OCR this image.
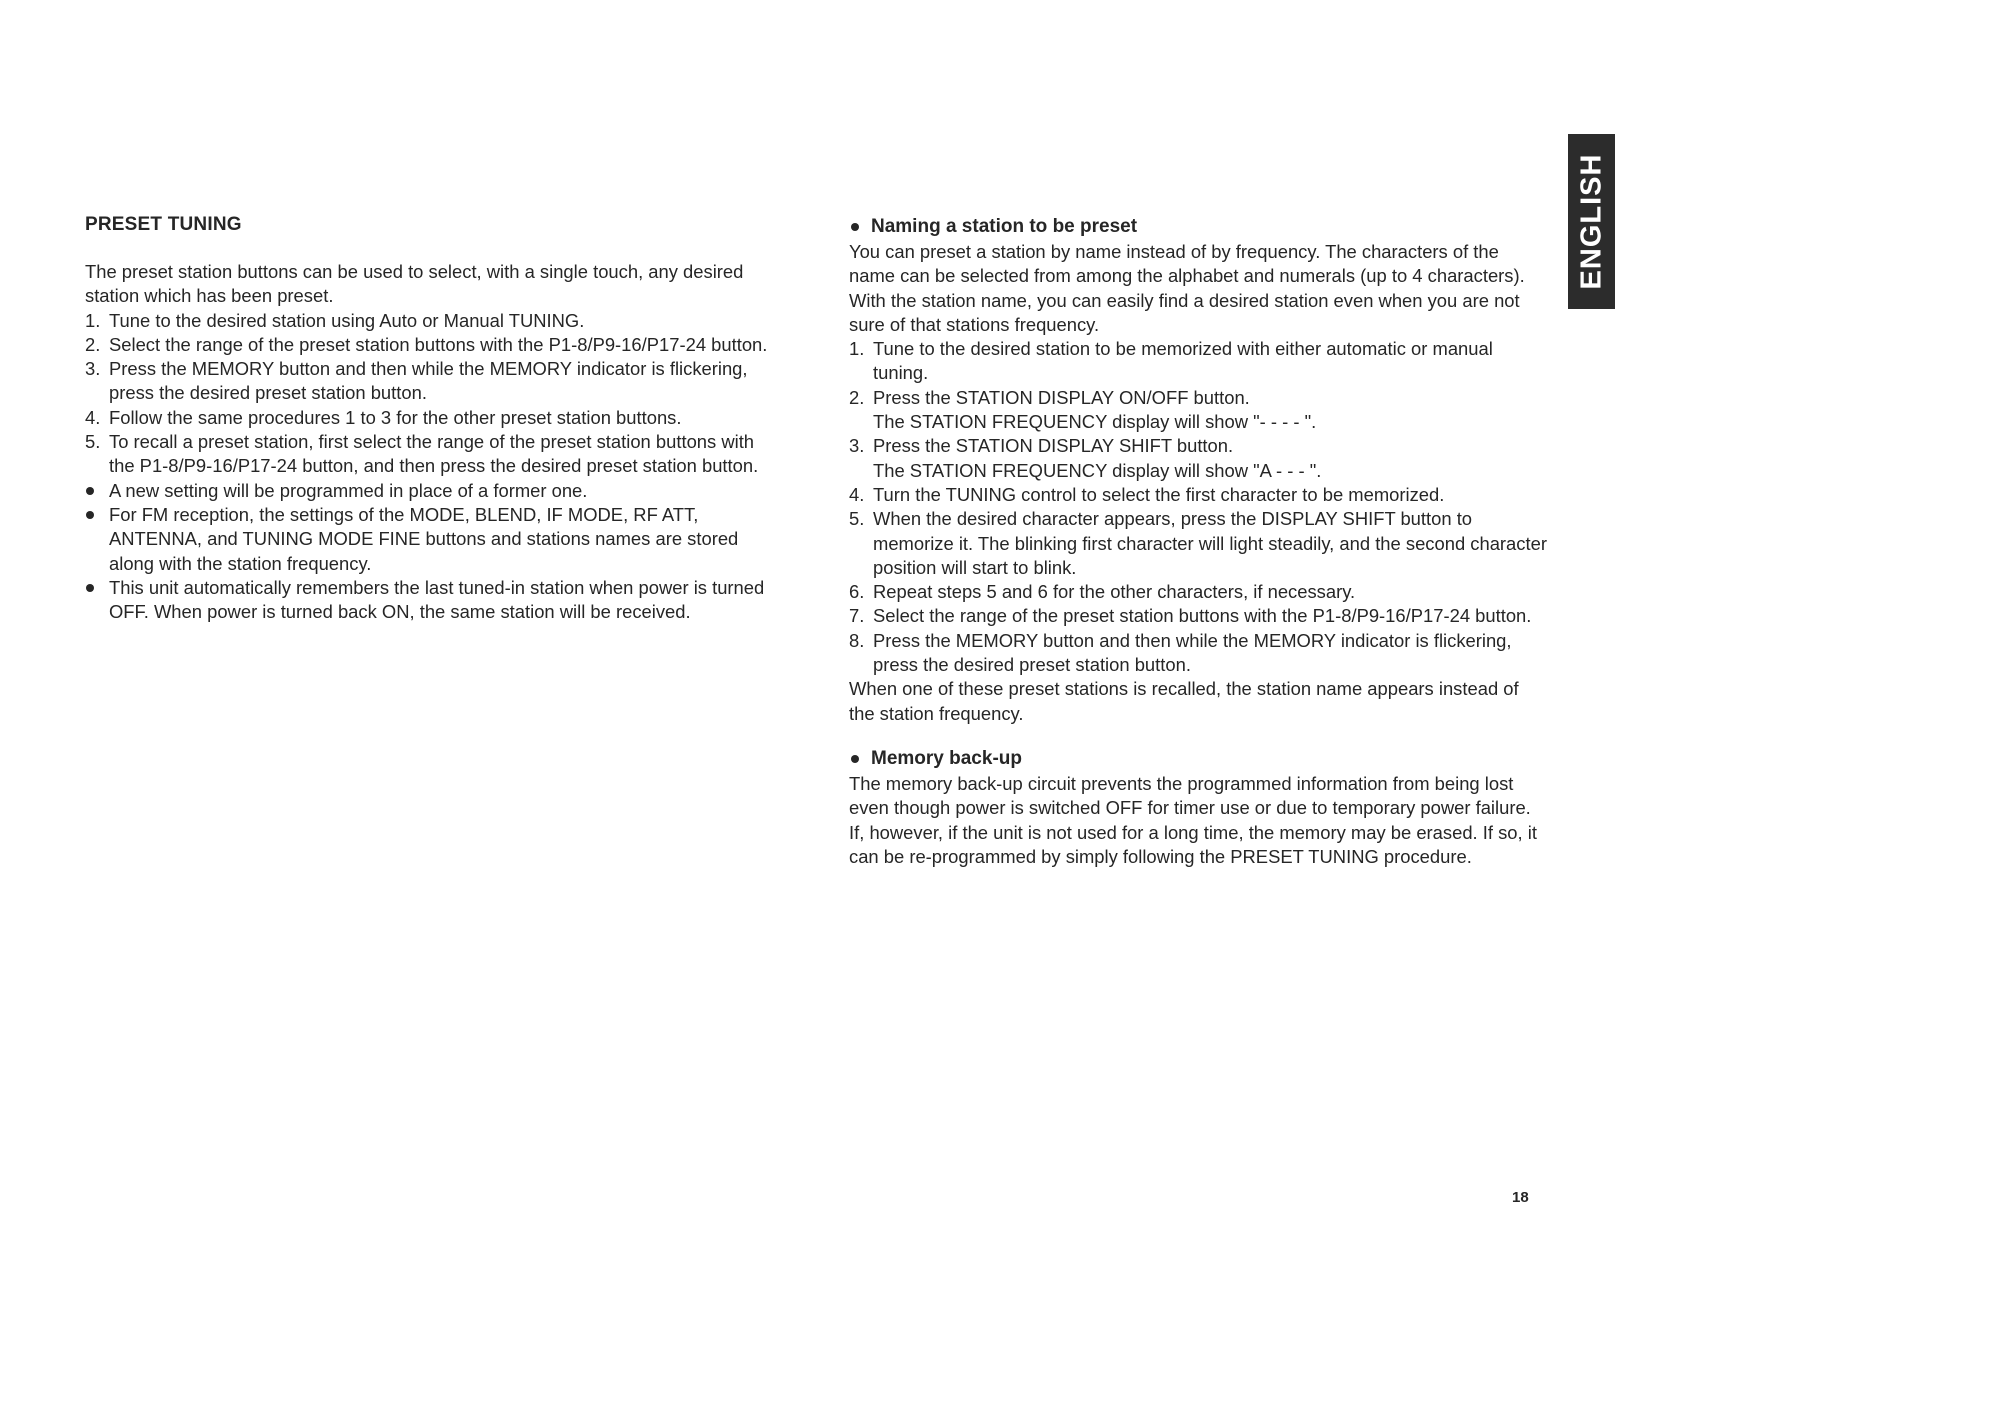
PRESET TUNING

The preset station buttons can be used to select, with a single touch, any desired station which has been preset.

1. Tune to the desired station using Auto or Manual TUNING.
2. Select the range of the preset station buttons with the P1-8/P9-16/P17-24 button.
3. Press the MEMORY button and then while the MEMORY indicator is flickering, press the desired preset station button.
4. Follow the same procedures 1 to 3 for the other preset station buttons.
5. To recall a preset station, first select the range of the preset station buttons with the P1-8/P9-16/P17-24 button, and then press the desired preset station button.
A new setting will be programmed in place of a former one.
For FM reception, the settings of the MODE, BLEND, IF MODE, RF ATT, ANTENNA, and TUNING MODE FINE buttons and stations names are stored along with the station frequency.
This unit automatically remembers the last tuned-in station when power is turned OFF. When power is turned back ON, the same station will be received.
Naming a station to be preset

You can preset a station by name instead of by frequency. The characters of the name can be selected from among the alphabet and numerals (up to 4 characters).

With the station name, you can easily find a desired station even when you are not sure of that stations frequency.

1. Tune to the desired station to be memorized with either automatic or manual tuning.
2. Press the STATION DISPLAY ON/OFF button.
The STATION FREQUENCY display will show "- - - - ".
3. Press the STATION DISPLAY SHIFT button.
The STATION FREQUENCY display will show "A - - - ".
4. Turn the TUNING control to select the first character to be memorized.
5. When the desired character appears, press the DISPLAY SHIFT button to memorize it. The blinking first character will light steadily, and the second character position will start to blink.
6. Repeat steps 5 and 6 for the other characters, if necessary.
7. Select the range of the preset station buttons with the P1-8/P9-16/P17-24 button.
8. Press the MEMORY button and then while the MEMORY indicator is flickering, press the desired preset station button.

When one of these preset stations is recalled, the station name appears instead of the station frequency.

Memory back-up

The memory back-up circuit prevents the programmed information from being lost even though power is switched OFF for timer use or due to temporary power failure. If, however, if the unit is not used for a long time, the memory may be erased. If so, it can be re-programmed by simply following the PRESET TUNING procedure.

ENGLISH
18
